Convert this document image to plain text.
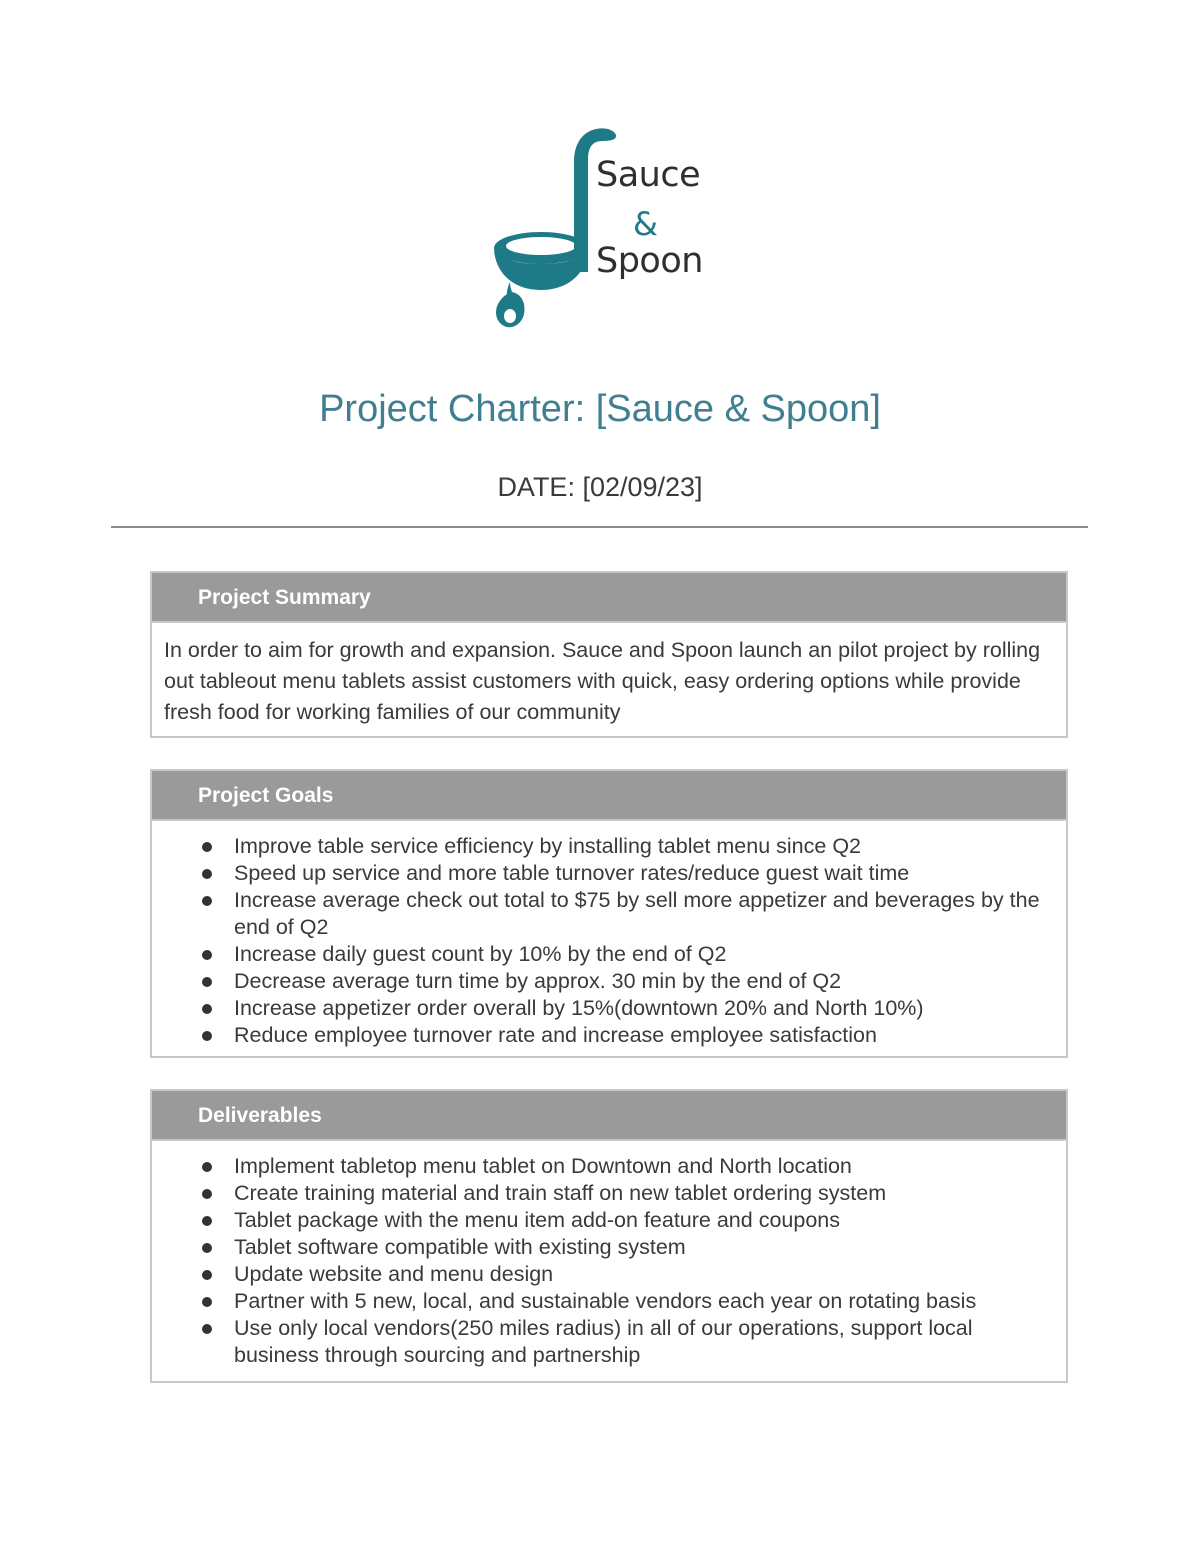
Sauce
&
Spoon
Project Charter: [Sauce & Spoon]
DATE: [02/09/23]
Project Summary
In order to aim for growth and expansion. Sauce and Spoon launch an pilot project by rolling out tableout menu tablets assist customers with quick, easy ordering options while provide fresh food for working families of our community
Project Goals
Improve table service efficiency by installing tablet menu since Q2
Speed up service and more table turnover rates/reduce guest wait time
Increase average check out total to $75 by sell more appetizer and beverages by the end of Q2
Increase daily guest count by 10% by the end of Q2
Decrease average turn time by approx. 30 min by the end of Q2
Increase appetizer order overall by 15%(downtown 20% and North 10%)
Reduce employee turnover rate and increase employee satisfaction
Deliverables
Implement tabletop menu tablet on Downtown and North location
Create training material and train staff on new tablet ordering system
Tablet package with the menu item add-on feature and coupons
Tablet software compatible with existing system
Update website and menu design
Partner with 5 new, local, and sustainable vendors each year on rotating basis
Use only local vendors(250 miles radius) in all of our operations, support local business through sourcing and partnership
